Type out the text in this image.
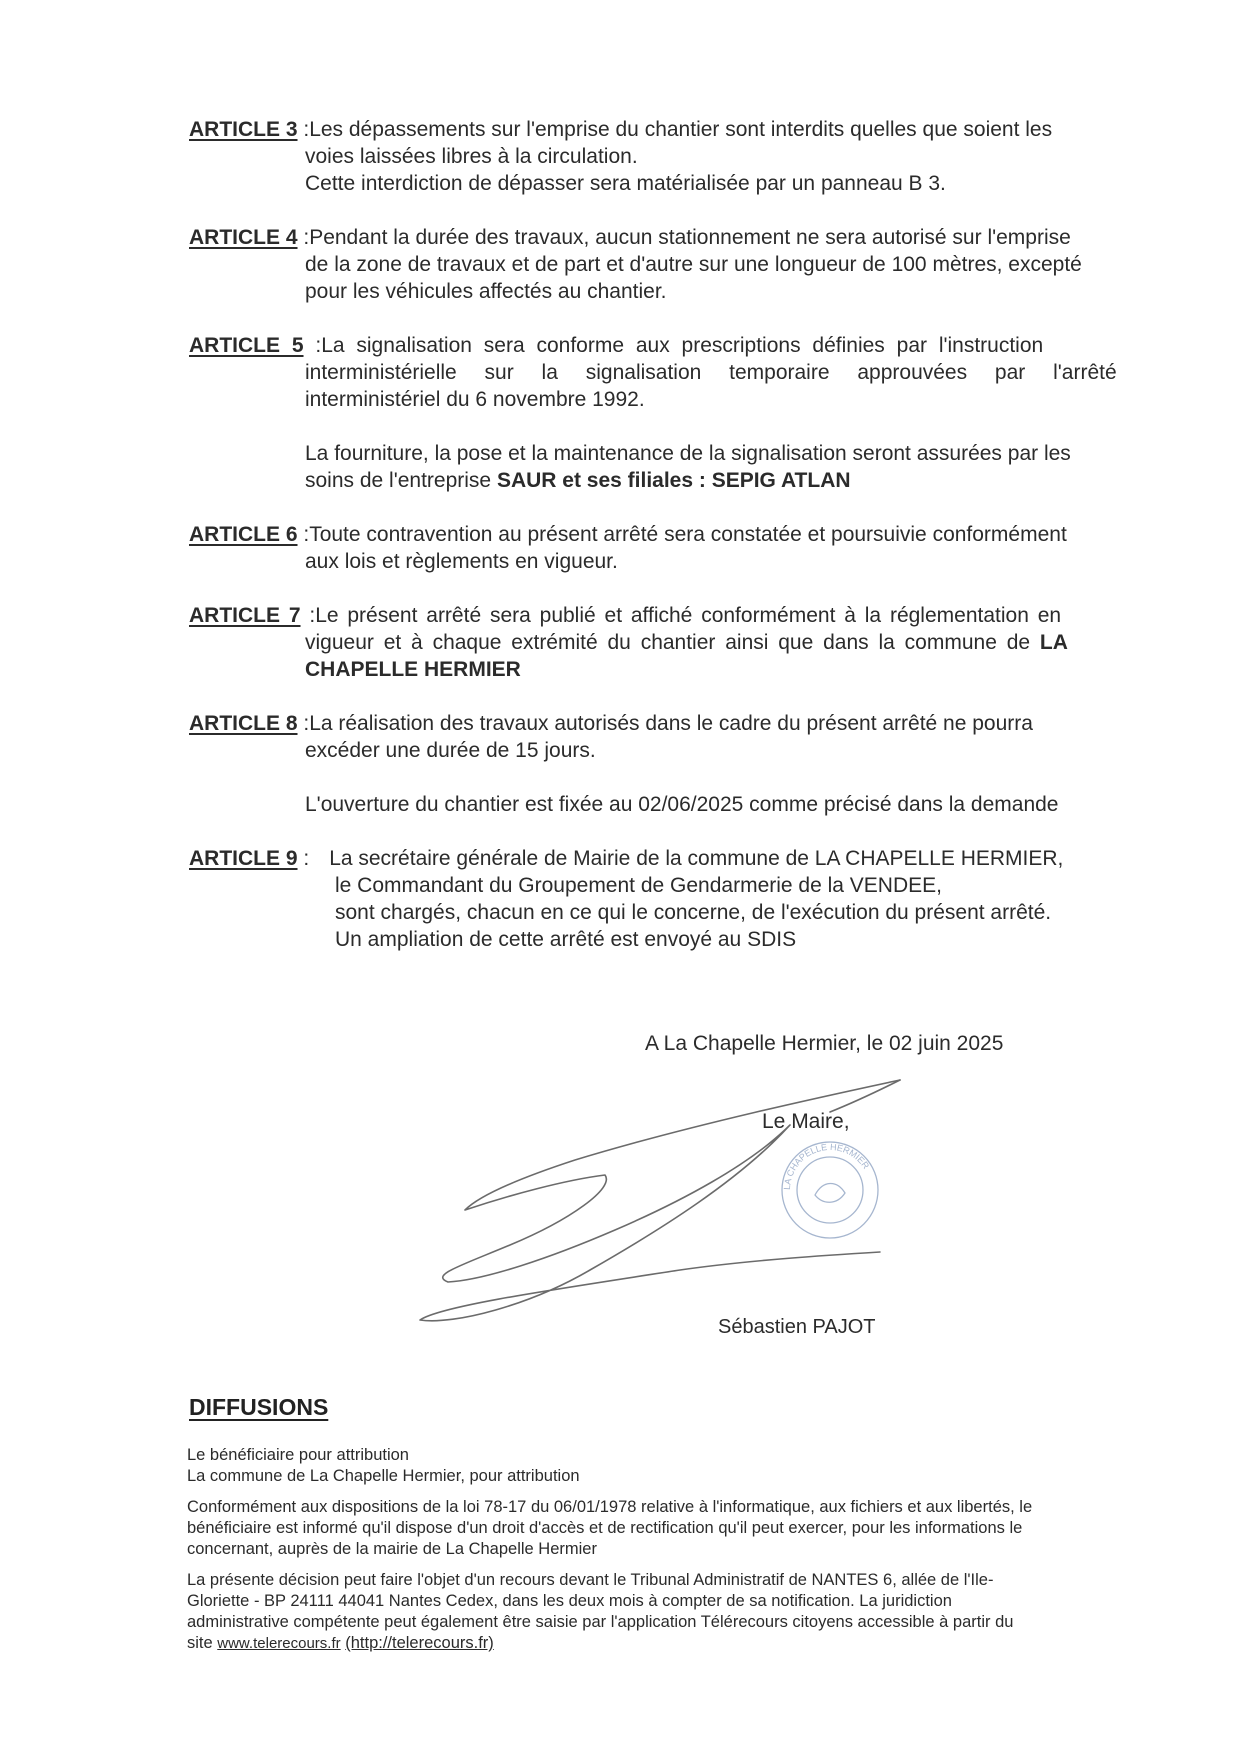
ARTICLE 3 : Les dépassements sur l'emprise du chantier sont interdits quelles que soient les
voies laissées libres à la circulation.
Cette interdiction de dépasser sera matérialisée par un panneau B 3.
ARTICLE 4 : Pendant la durée des travaux, aucun stationnement ne sera autorisé sur l'emprise
de la zone de travaux et de part et d'autre sur une longueur de 100 mètres, excepté
pour les véhicules affectés au chantier.
ARTICLE 5 : La signalisation sera conforme aux prescriptions définies par l'instruction
interministérielle sur la signalisation temporaire approuvées par l'arrêté
interministériel du 6 novembre 1992.
La fourniture, la pose et la maintenance de la signalisation seront assurées par les
soins de l'entreprise SAUR et ses filiales : SEPIG ATLAN
ARTICLE 6 : Toute contravention au présent arrêté sera constatée et poursuivie conformément
aux lois et règlements en vigueur.
ARTICLE 7 : Le présent arrêté sera publié et affiché conformément à la réglementation en
vigueur et à chaque extrémité du chantier ainsi que dans la commune de LA
CHAPELLE HERMIER
ARTICLE 8 : La réalisation des travaux autorisés dans le cadre du présent arrêté ne pourra
excéder une durée de 15 jours.
L'ouverture du chantier est fixée au 02/06/2025 comme précisé dans la demande
ARTICLE 9 : La secrétaire générale de Mairie de la commune de LA CHAPELLE HERMIER,
le Commandant du Groupement de Gendarmerie de la VENDEE,
sont chargés, chacun en ce qui le concerne, de l'exécution du présent arrêté.
Un ampliation de cette arrêté est envoyé au SDIS
A La Chapelle Hermier, le 02 juin 2025
LA CHAPELLE HERMIER
Le Maire,
Sébastien PAJOT
DIFFUSIONS
Le bénéficiaire pour attribution
La commune de La Chapelle Hermier, pour attribution
Conformément aux dispositions de la loi 78-17 du 06/01/1978 relative à l'informatique, aux fichiers et aux libertés, le
bénéficiaire est informé qu'il dispose d'un droit d'accès et de rectification qu'il peut exercer, pour les informations le
concernant, auprès de la mairie de La Chapelle Hermier
La présente décision peut faire l'objet d'un recours devant le Tribunal Administratif de NANTES 6, allée de l'Ile-
Gloriette - BP 24111 44041 Nantes Cedex, dans les deux mois à compter de sa notification. La juridiction
administrative compétente peut également être saisie par l'application Télérecours citoyens accessible à partir du
site www.telerecours.fr (http://telerecours.fr)
